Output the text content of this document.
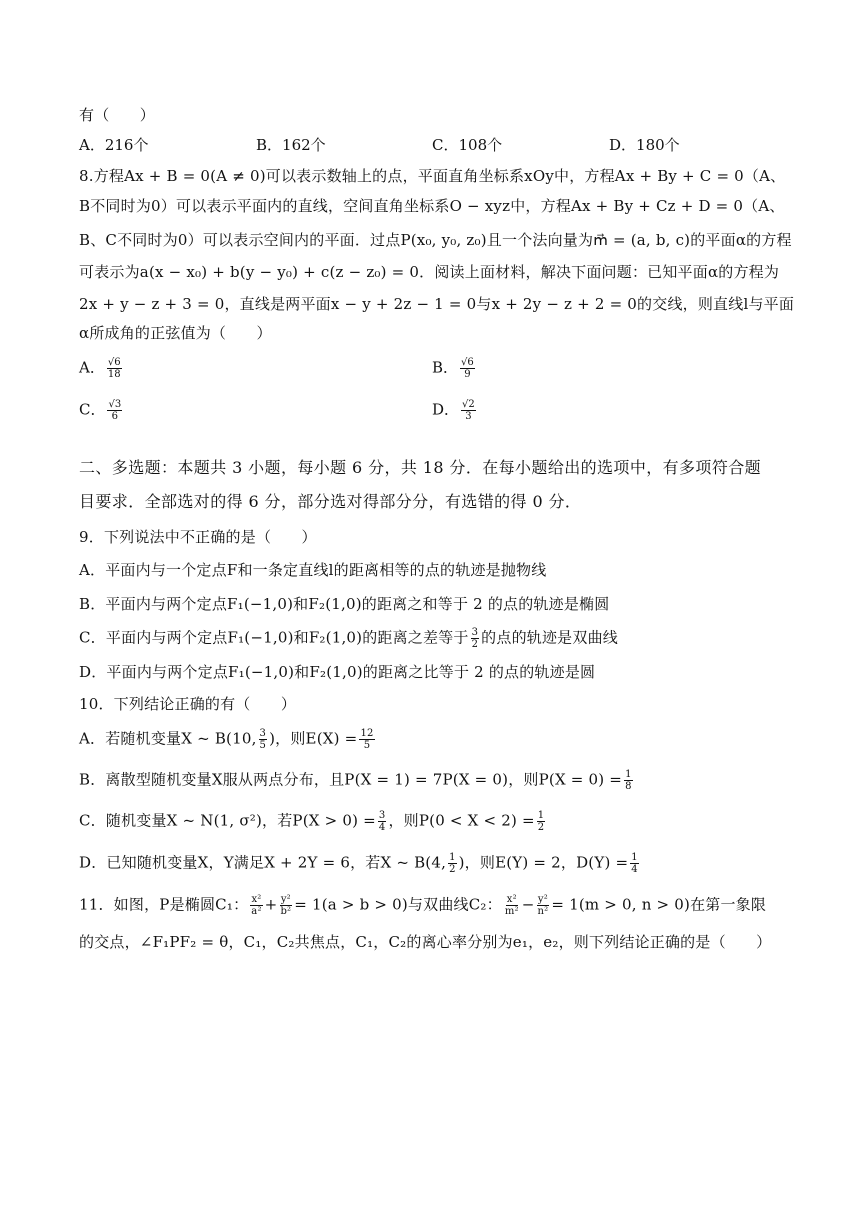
有（　　）
A．216个	B．162个	C．108个	D．180个
8.方程Ax + B = 0(A ≠ 0)可以表示数轴上的点，平面直角坐标系xOy中，方程Ax + By + C = 0（A、
B不同时为0）可以表示平面内的直线，空间直角坐标系O − xyz中，方程Ax + By + Cz + D = 0（A、
B、C不同时为0）可以表示空间内的平面．过点P(x₀, y₀, z₀)且一个法向量为m⃗ = (a, b, c)的平面α的方程
可表示为a(x − x₀) + b(y − y₀) + c(z − z₀) = 0．阅读上面材料，解决下面问题：已知平面α的方程为
2x + y − z + 3 = 0，直线是两平面x − y + 2z − 1 = 0与x + 2y − z + 2 = 0的交线，则直线l与平面
α所成角的正弦值为（　　）
A． $\frac{√6}{18}$	B． $\frac{√6}{9}$
C． $\frac{√3}{6}$	D． $\frac{√2}{3}$
二、多选题：本题共 3 小题，每小题 6 分，共 18 分．在每小题给出的选项中，有多项符合题
目要求．全部选对的得 6 分，部分选对得部分分，有选错的得 0 分．
9．下列说法中不正确的是（　　）
A．平面内与一个定点F和一条定直线l的距离相等的点的轨迹是抛物线
B．平面内与两个定点F₁(−1,0)和F₂(1,0)的距离之和等于 2 的点的轨迹是椭圆
C．平面内与两个定点F₁(−1,0)和F₂(1,0)的距离之差等于 $\frac{3}{2}$ 的点的轨迹是双曲线
D．平面内与两个定点F₁(−1,0)和F₂(1,0)的距离之比等于 2 的点的轨迹是圆
10．下列结论正确的有（　　）
A．若随机变量X ~ B(10, $\frac{3}{5}$ )，则$E(X) = \frac{12}{5}$
B．离散型随机变量X服从两点分布，且P(X = 1) = 7P(X = 0)，则$P(X = 0) = \frac{1}{8}$
C．随机变量X ~ N(1, σ²)，若$P(X > 0) = \frac{3}{4}$ ，则$P(0 < X < 2) = \frac{1}{2}$
D．已知随机变量X，Y满足X + 2Y = 6，若X ~ B(4, $\frac{1}{2}$ )，则E(Y) = 2，$D(Y) = \frac{1}{4}$
11．如图，P是椭圆C₁： $\frac{\text{x²}}{\text{a²}} + \frac{\text{y²}}{\text{b²}} = 1(a > b > 0)$与双曲线C₂： $\frac{\text{x²}}{\text{m²}} - \frac{\text{y²}}{\text{n²}} = 1(m > 0$, n > 0)在第一象限
的交点，∠F₁PF₂ = θ，C₁，C₂共焦点，C₁，C₂的离心率分别为e₁，e₂，则下列结论正确的是（　　）
